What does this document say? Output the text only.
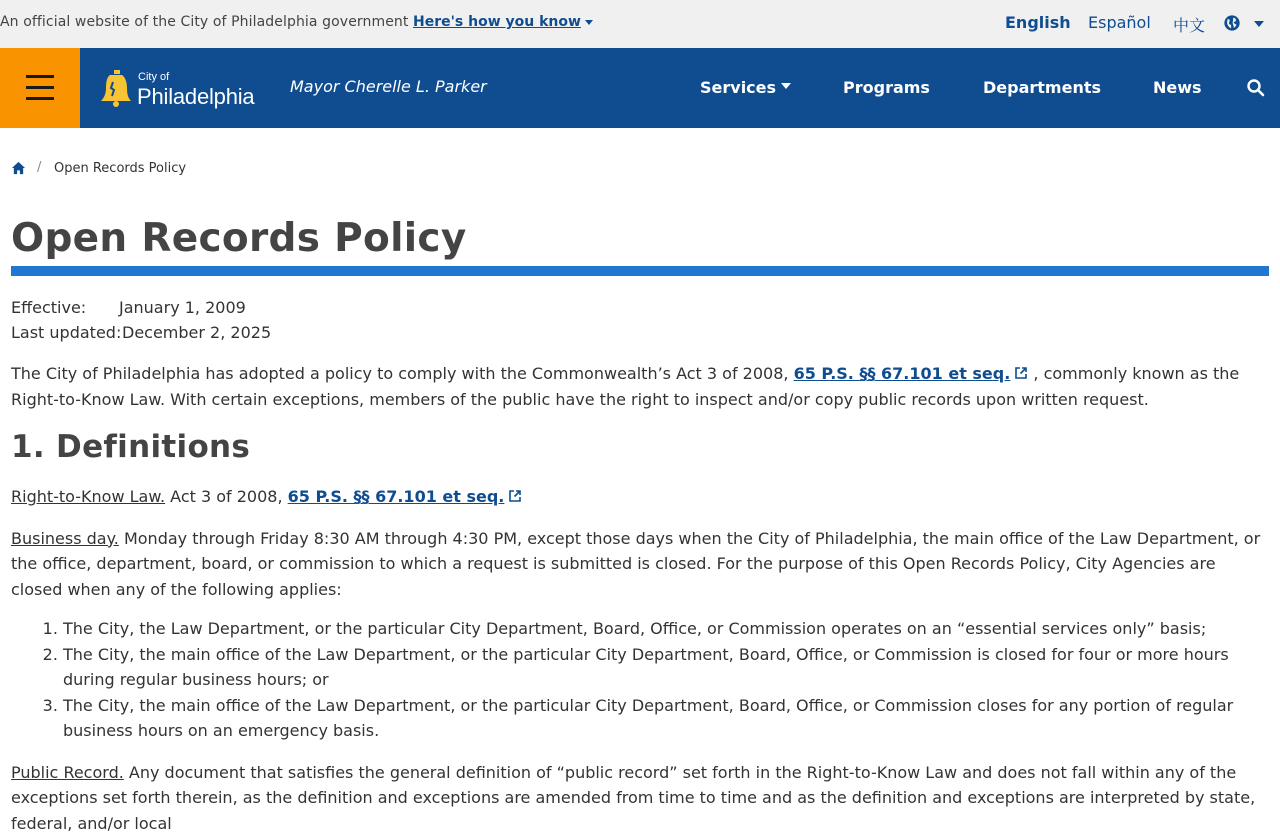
An official website of the City of Philadelphia government Here's how you know	English Español 中文
City of
Philadelphia Mayor Cherelle L. Parker	Services	Programs	Departments	News
/ Open Records Policy
Open Records Policy
Effective: January 1, 2009
Last updated: December 2, 2025

The City of Philadelphia has adopted a policy to comply with the Commonwealth’s Act 3 of 2008, 65 P.S. §§ 67.101 et seq. , commonly known as the Right-to-Know Law. With certain exceptions, members of the public have the right to inspect and/or copy public records upon written request.

1. Definitions

Right-to-Know Law. Act 3 of 2008, 65 P.S. §§ 67.101 et seq.

Business day. Monday through Friday 8:30 AM through 4:30 PM, except those days when the City of Philadelphia, the main office of the Law Department, or the office, department, board, or commission to which a request is submitted is closed. For the purpose of this Open Records Policy, City Agencies are closed when any of the following applies:

1. The City, the Law Department, or the particular City Department, Board, Office, or Commission operates on an “essential services only” basis;
2. The City, the main office of the Law Department, or the particular City Department, Board, Office, or Commission is closed for four or more hours during regular business hours; or
3. The City, the main office of the Law Department, or the particular City Department, Board, Office, or Commission closes for any portion of regular business hours on an emergency basis.

Public Record. Any document that satisfies the general definition of “public record” set forth in the Right-to-Know Law and does not fall within any of the exceptions set forth therein, as the definition and exceptions are amended from time to time and as the definition and exceptions are interpreted by state, federal, and/or local
